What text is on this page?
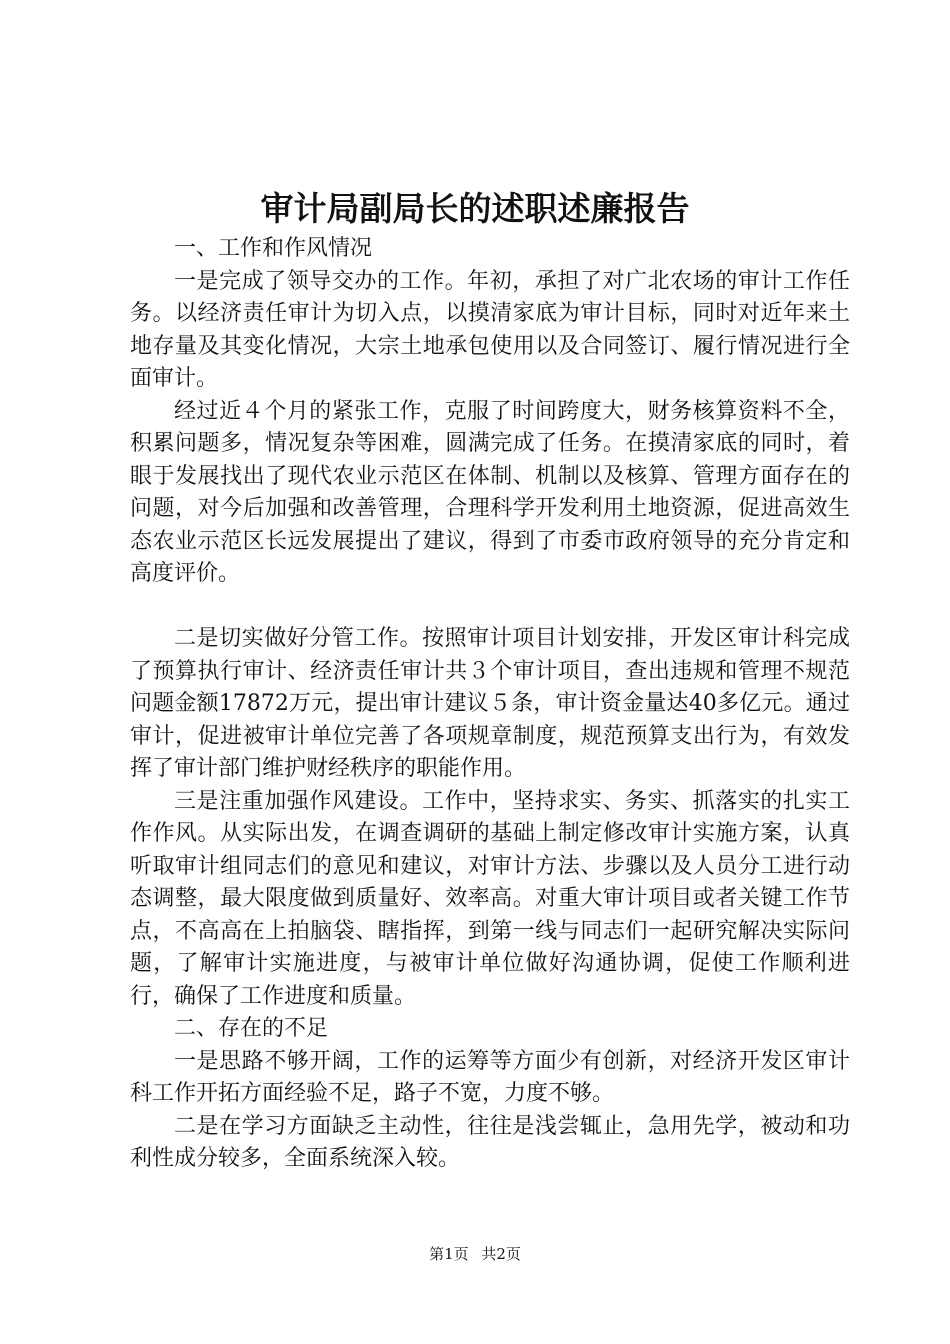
审计局副局长的述职述廉报告

一、工作和作风情况

一是完成了领导交办的工作。年初，承担了对广北农场的审计工作任务。以经济责任审计为切入点，以摸清家底为审计目标，同时对近年来土地存量及其变化情况，大宗土地承包使用以及合同签订、履行情况进行全面审计。

经过近４个月的紧张工作，克服了时间跨度大，财务核算资料不全，积累问题多，情况复杂等困难，圆满完成了任务。在摸清家底的同时，着眼于发展找出了现代农业示范区在体制、机制以及核算、管理方面存在的问题，对今后加强和改善管理，合理科学开发利用土地资源，促进高效生态农业示范区长远发展提出了建议，得到了市委市政府领导的充分肯定和高度评价。

二是切实做好分管工作。按照审计项目计划安排，开发区审计科完成了预算执行审计、经济责任审计共３个审计项目，查出违规和管理不规范问题金额17872万元，提出审计建议５条，审计资金量达40多亿元。通过审计，促进被审计单位完善了各项规章制度，规范预算支出行为，有效发挥了审计部门维护财经秩序的职能作用。

三是注重加强作风建设。工作中，坚持求实、务实、抓落实的扎实工作作风。从实际出发，在调查调研的基础上制定修改审计实施方案，认真听取审计组同志们的意见和建议，对审计方法、步骤以及人员分工进行动态调整，最大限度做到质量好、效率高。对重大审计项目或者关键工作节点，不高高在上拍脑袋、瞎指挥，到第一线与同志们一起研究解决实际问题，了解审计实施进度，与被审计单位做好沟通协调，促使工作顺利进行，确保了工作进度和质量。

二、存在的不足

一是思路不够开阔，工作的运筹等方面少有创新，对经济开发区审计科工作开拓方面经验不足，路子不宽，力度不够。

二是在学习方面缺乏主动性，往往是浅尝辄止，急用先学，被动和功利性成分较多，全面系统深入较。

第1页 共2页
